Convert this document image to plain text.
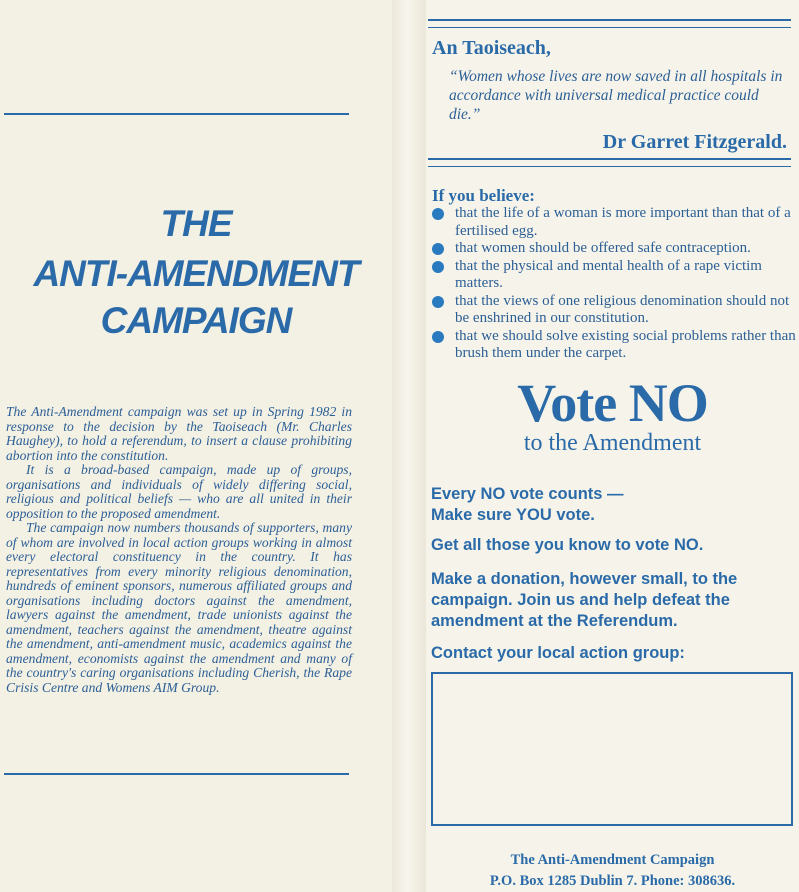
THE
ANTI-AMENDMENT
CAMPAIGN

The Anti-Amendment campaign was set up in Spring 1982 in response to the decision by the Taoiseach (Mr. Charles Haughey), to hold a referendum, to insert a clause prohibiting abortion into the constitution.

It is a broad-based campaign, made up of groups, organisations and individuals of widely differing social, religious and political beliefs — who are all united in their opposition to the proposed amendment.

The campaign now numbers thousands of supporters, many of whom are involved in local action groups working in almost every electoral constituency in the country. It has representatives from every minority religious denomination, hundreds of eminent sponsors, numerous affiliated groups and organisations including doctors against the amendment, lawyers against the amendment, trade unionists against the amendment, teachers against the amendment, theatre against the amendment, anti-amendment music, academics against the amendment, economists against the amendment and many of the country's caring organisations including Cherish, the Rape Crisis Centre and Womens AIM Group.

An Taoiseach,
“Women whose lives are now saved in all hospitals in accordance with universal medical practice could die.”
Dr Garret Fitzgerald.
If you believe:
that the life of a woman is more important than that of a fertilised egg.
that women should be offered safe contraception.
that the physical and mental health of a rape victim matters.
that the views of one religious denomination should not be enshrined in our constitution.
that we should solve existing social problems rather than brush them under the carpet.
Vote NO
to the Amendment
Every NO vote counts —
Make sure YOU vote.
Get all those you know to vote NO.
Make a donation, however small, to the campaign. Join us and help defeat the amendment at the Referendum.
Contact your local action group:
The Anti-Amendment Campaign
P.O. Box 1285 Dublin 7. Phone: 308636.
